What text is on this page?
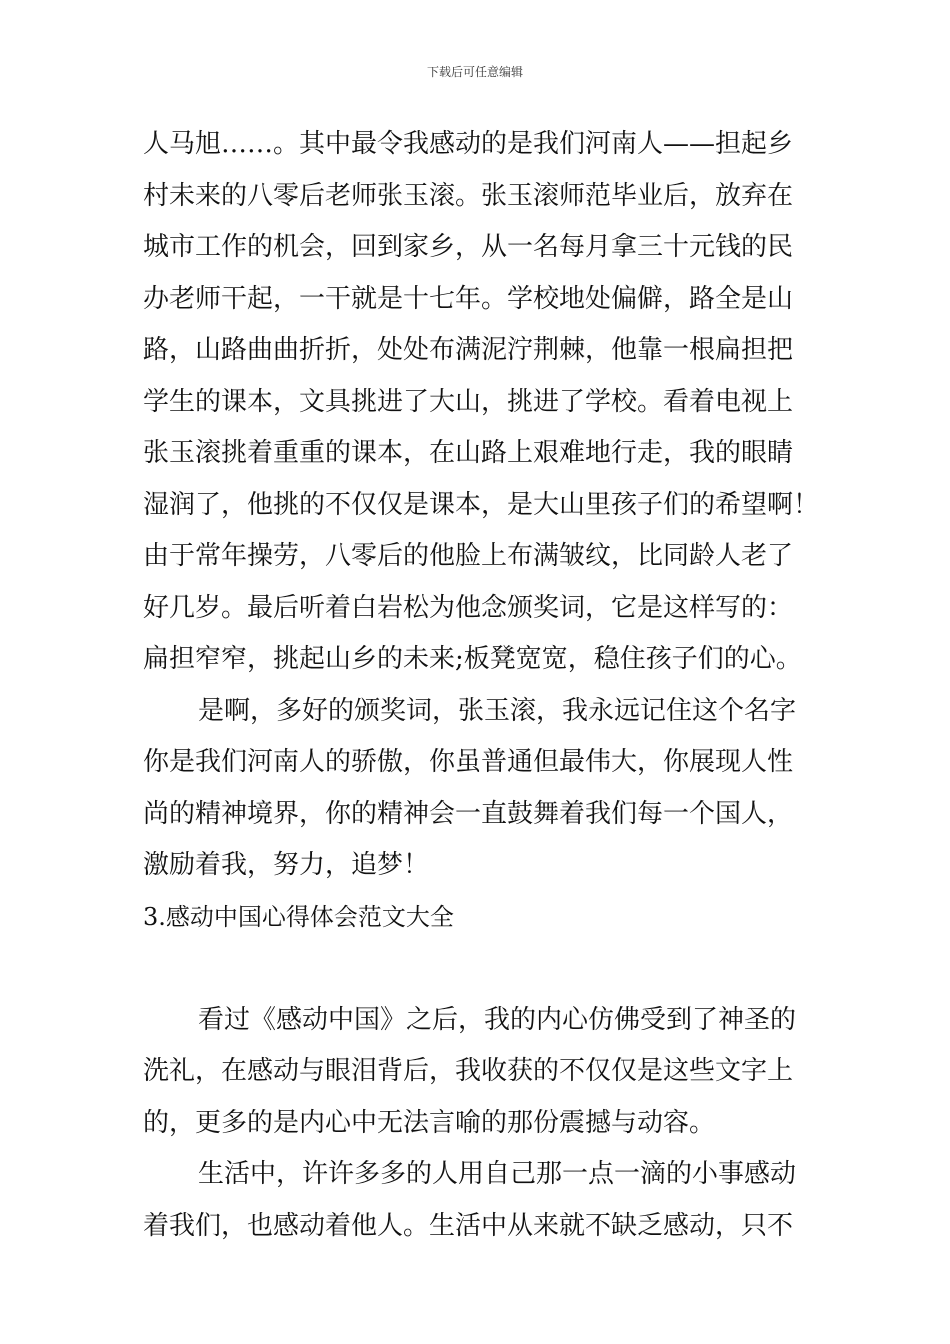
下载后可任意编辑
人马旭……。其中最令我感动的是我们河南人——担起乡
村未来的八零后老师张玉滚。张玉滚师范毕业后，放弃在
城市工作的机会，回到家乡，从一名每月拿三十元钱的民
办老师干起，一干就是十七年。学校地处偏僻，路全是山
路，山路曲曲折折，处处布满泥泞荆棘，他靠一根扁担把
学生的课本，文具挑进了大山，挑进了学校。看着电视上
张玉滚挑着重重的课本，在山路上艰难地行走，我的眼睛
湿润了，他挑的不仅仅是课本，是大山里孩子们的希望啊！
由于常年操劳，八零后的他脸上布满皱纹，比同龄人老了
好几岁。最后听着白岩松为他念颁奖词，它是这样写的：
扁担窄窄，挑起山乡的未来;板凳宽宽，稳住孩子们的心。
是啊，多好的颁奖词，张玉滚，我永远记住这个名字
你是我们河南人的骄傲，你虽普通但最伟大，你展现人性
尚的精神境界，你的精神会一直鼓舞着我们每一个国人，
激励着我，努力，追梦！
3.感动中国心得体会范文大全
看过《感动中国》之后，我的内心仿佛受到了神圣的
洗礼，在感动与眼泪背后，我收获的不仅仅是这些文字上
的，更多的是内心中无法言喻的那份震撼与动容。
生活中，许许多多的人用自己那一点一滴的小事感动
着我们，也感动着他人。生活中从来就不缺乏感动，只不
